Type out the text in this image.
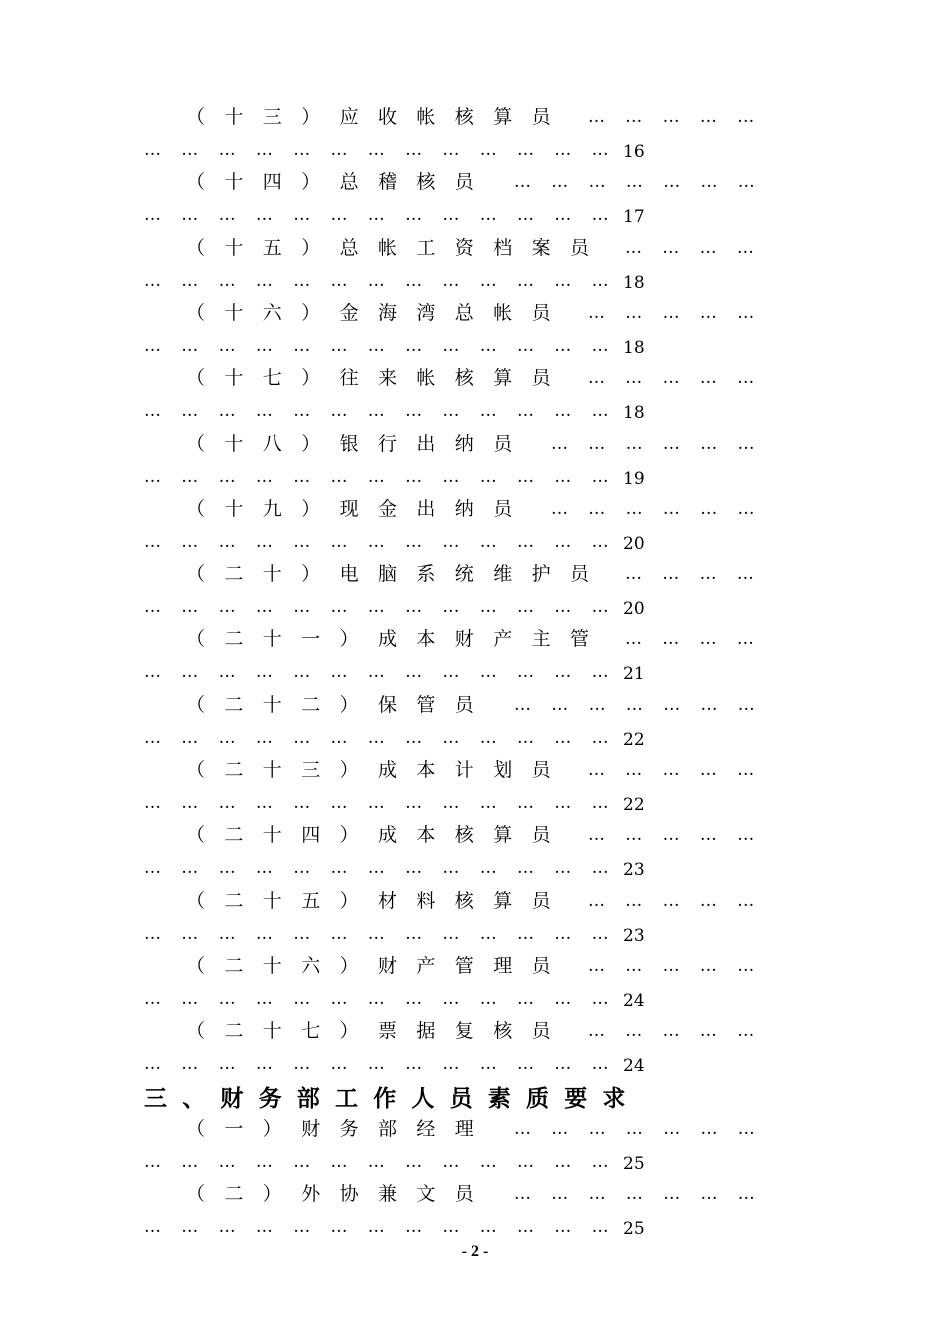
（十三）应收帐核算员 ……………
…………………………………
16
（十四）总稽核员 …………………
…………………………………
17
（十五）总帐工资档案员 …………
…………………………………
18
（十六）金海湾总帐员 ……………
…………………………………
18
（十七）往来帐核算员 ……………
…………………………………
18
（十八）银行出纳员 ………………
…………………………………
19
（十九）现金出纳员 ………………
…………………………………
20
（二十）电脑系统维护员 …………
…………………………………
20
（二十一）成本财产主管 …………
…………………………………
21
（二十二）保管员 …………………
…………………………………
22
（二十三）成本计划员 ……………
…………………………………
22
（二十四）成本核算员 ……………
…………………………………
23
（二十五）材料核算员 ……………
…………………………………
23
（二十六）财产管理员 ……………
…………………………………
24
（二十七）票据复核员 ……………
…………………………………
24
三、财务部工作人员素质要求
（一）财务部经理 …………………
…………………………………
25
（二）外协兼文员 …………………
…………………………………
25
- 2 -
